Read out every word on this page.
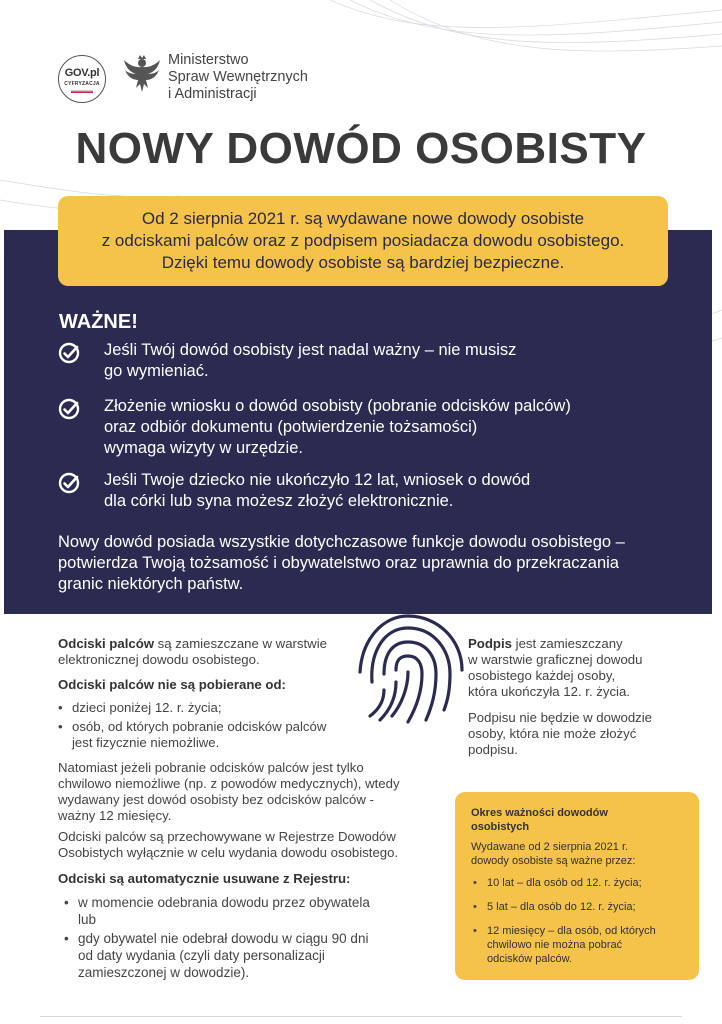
GOV.pl
CYFRYZACJA
Ministerstwo
Spraw Wewnętrznych
i Administracji
NOWY DOWÓD OSOBISTY
Od 2 sierpnia 2021 r. są wydawane nowe dowody osobiste
z odciskami palców oraz z podpisem posiadacza dowodu osobistego.
Dzięki temu dowody osobiste są bardziej bezpieczne.
WAŻNE!
Jeśli Twój dowód osobisty jest nadal ważny – nie musisz
go wymieniać.
Złożenie wniosku o dowód osobisty (pobranie odcisków palców)
oraz odbiór dokumentu (potwierdzenie tożsamości)
wymaga wizyty w urzędzie.
Jeśli Twoje dziecko nie ukończyło 12 lat, wniosek o dowód
dla córki lub syna możesz złożyć elektronicznie.
Nowy dowód posiada wszystkie dotychczasowe funkcje dowodu osobistego –
potwierdza Twoją tożsamość i obywatelstwo oraz uprawnia do przekraczania
granic niektórych państw.
Odciski palców są zamieszczane w warstwie
elektronicznej dowodu osobistego.
Odciski palców nie są pobierane od:
• dzieci poniżej 12. r. życia;
• osób, od których pobranie odcisków palców
jest fizycznie niemożliwe.
Natomiast jeżeli pobranie odcisków palców jest tylko
chwilowo niemożliwe (np. z powodów medycznych), wtedy
wydawany jest dowód osobisty bez odcisków palców -
ważny 12 miesięcy.
Odciski palców są przechowywane w Rejestrze Dowodów
Osobistych wyłącznie w celu wydania dowodu osobistego.
Odciski są automatycznie usuwane z Rejestru:
• w momencie odebrania dowodu przez obywatela
lub
• gdy obywatel nie odebrał dowodu w ciągu 90 dni
od daty wydania (czyli daty personalizacji
zamieszczonej w dowodzie).
Podpis jest zamieszczany
w warstwie graficznej dowodu
osobistego każdej osoby,
która ukończyła 12. r. życia.
Podpisu nie będzie w dowodzie
osoby, która nie może złożyć
podpisu.
Okres ważności dowodów
osobistych
Wydawane od 2 sierpnia 2021 r.
dowody osobiste są ważne przez:
• 10 lat – dla osób od 12. r. życia;
• 5 lat – dla osób do 12. r. życia;
• 12 miesięcy – dla osób, od których
chwilowo nie można pobrać
odcisków palców.
